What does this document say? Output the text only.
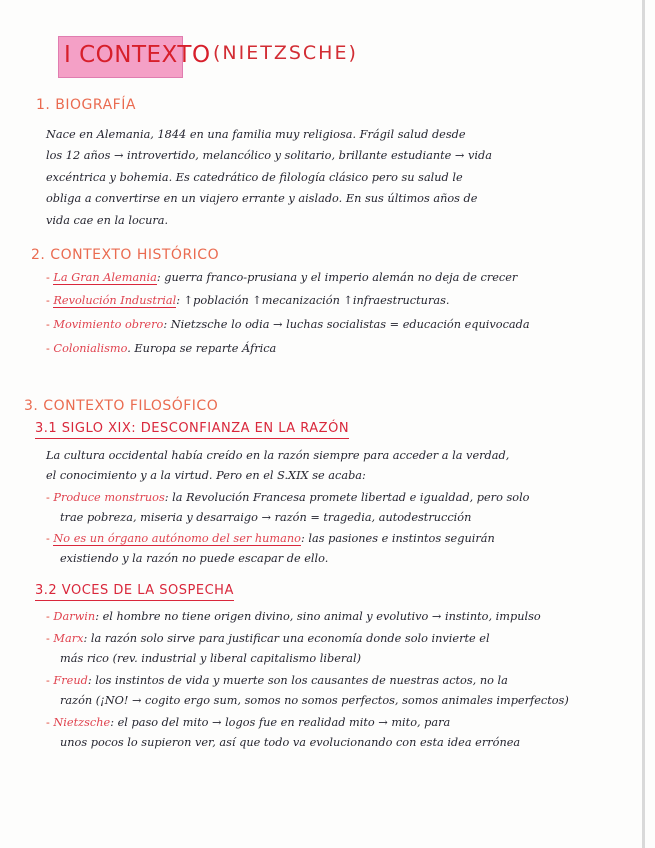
I CONTEXTO (NIETZSCHE)
1. BIOGRAFÍA
Nace en Alemania, 1844 en una familia muy religiosa. Frágil salud desde
los 12 años → introvertido, melancólico y solitario, brillante estudiante → vida
excéntrica y bohemia. Es catedrático de filología clásico pero su salud le
obliga a convertirse en un viajero errante y aislado. En sus últimos años de
vida cae en la locura.
2. CONTEXTO HISTÓRICO
- La Gran Alemania: guerra franco-prusiana y el imperio alemán no deja de crecer
- Revolución Industrial: ↑población ↑mecanización ↑infraestructuras.
- Movimiento obrero: Nietzsche lo odia → luchas socialistas = educación equivocada
- Colonialismo. Europa se reparte África
3. CONTEXTO FILOSÓFICO
3.1 SIGLO XIX: DESCONFIANZA EN LA RAZÓN
La cultura occidental había creído en la razón siempre para acceder a la verdad,
el conocimiento y a la virtud. Pero en el S.XIX se acaba:
- Produce monstruos: la Revolución Francesa promete libertad e igualdad, pero solo
trae pobreza, miseria y desarraigo → razón = tragedia, autodestrucción
- No es un órgano autónomo del ser humano: las pasiones e instintos seguirán
existiendo y la razón no puede escapar de ello.
3.2 VOCES DE LA SOSPECHA
- Darwin: el hombre no tiene origen divino, sino animal y evolutivo → instinto, impulso
- Marx: la razón solo sirve para justificar una economía donde solo invierte el
más rico (rev. industrial y liberal capitalismo liberal)
- Freud: los instintos de vida y muerte son los causantes de nuestras actos, no la
razón (¡NO! → cogito ergo sum, somos no somos perfectos, somos animales imperfectos)
- Nietzsche: el paso del mito → logos fue en realidad mito → mito, para
unos pocos lo supieron ver, así que todo va evolucionando con esta idea errónea
